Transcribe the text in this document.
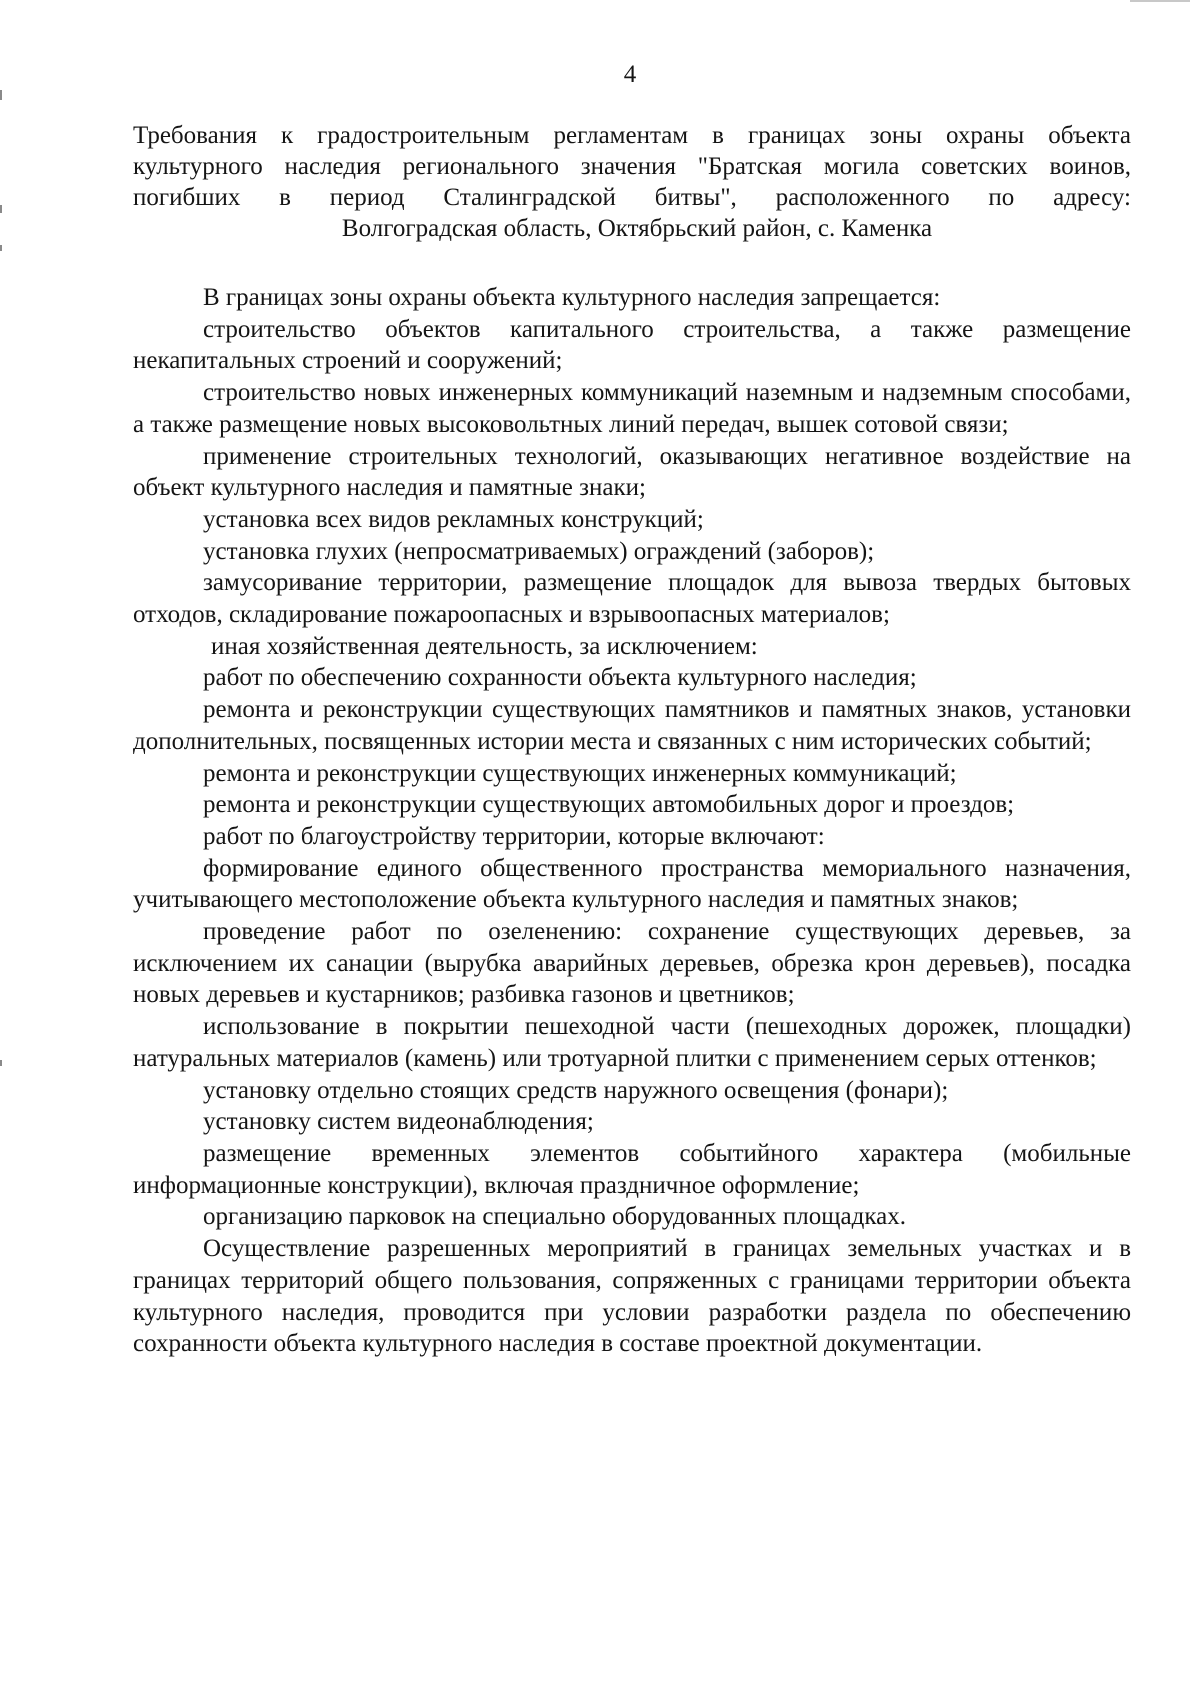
4
Требования к градостроительным регламентам в границах зоны охраны объекта
культурного наследия регионального значения "Братская могила советских воинов,
погибших в период Сталинградской битвы", расположенного по адресу:
Волгоградская область, Октябрьский район, с. Каменка

В границах зоны охраны объекта культурного наследия запрещается:

строительство объектов капитального строительства, а также размещение некапитальных строений и сооружений;

строительство новых инженерных коммуникаций наземным и надземным способами, а также размещение новых высоковольтных линий передач, вышек сотовой связи;

применение строительных технологий, оказывающих негативное воздействие на объект культурного наследия и памятные знаки;

установка всех видов рекламных конструкций;

установка глухих (непросматриваемых) ограждений (заборов);

замусоривание территории, размещение площадок для вывоза твердых бытовых отходов, складирование пожароопасных и взрывоопасных материалов;

иная хозяйственная деятельность, за исключением:

работ по обеспечению сохранности объекта культурного наследия;

ремонта и реконструкции существующих памятников и памятных знаков, установки дополнительных, посвященных истории места и связанных с ним исторических событий;

ремонта и реконструкции существующих инженерных коммуникаций;

ремонта и реконструкции существующих автомобильных дорог и проездов;

работ по благоустройству территории, которые включают:

формирование единого общественного пространства мемориального назначения, учитывающего местоположение объекта культурного наследия и памятных знаков;

проведение работ по озеленению: сохранение существующих деревьев, за исключением их санации (вырубка аварийных деревьев, обрезка крон деревьев), посадка новых деревьев и кустарников; разбивка газонов и цветников;

использование в покрытии пешеходной части (пешеходных дорожек, площадки) натуральных материалов (камень) или тротуарной плитки с применением серых оттенков;

установку отдельно стоящих средств наружного освещения (фонари);

установку систем видеонаблюдения;

размещение временных элементов событийного характера (мобильные информационные конструкции), включая праздничное оформление;

организацию парковок на специально оборудованных площадках.

Осуществление разрешенных мероприятий в границах земельных участках и в границах территорий общего пользования, сопряженных с границами территории объекта культурного наследия, проводится при условии разработки раздела по обеспечению сохранности объекта культурного наследия в составе проектной документации.
